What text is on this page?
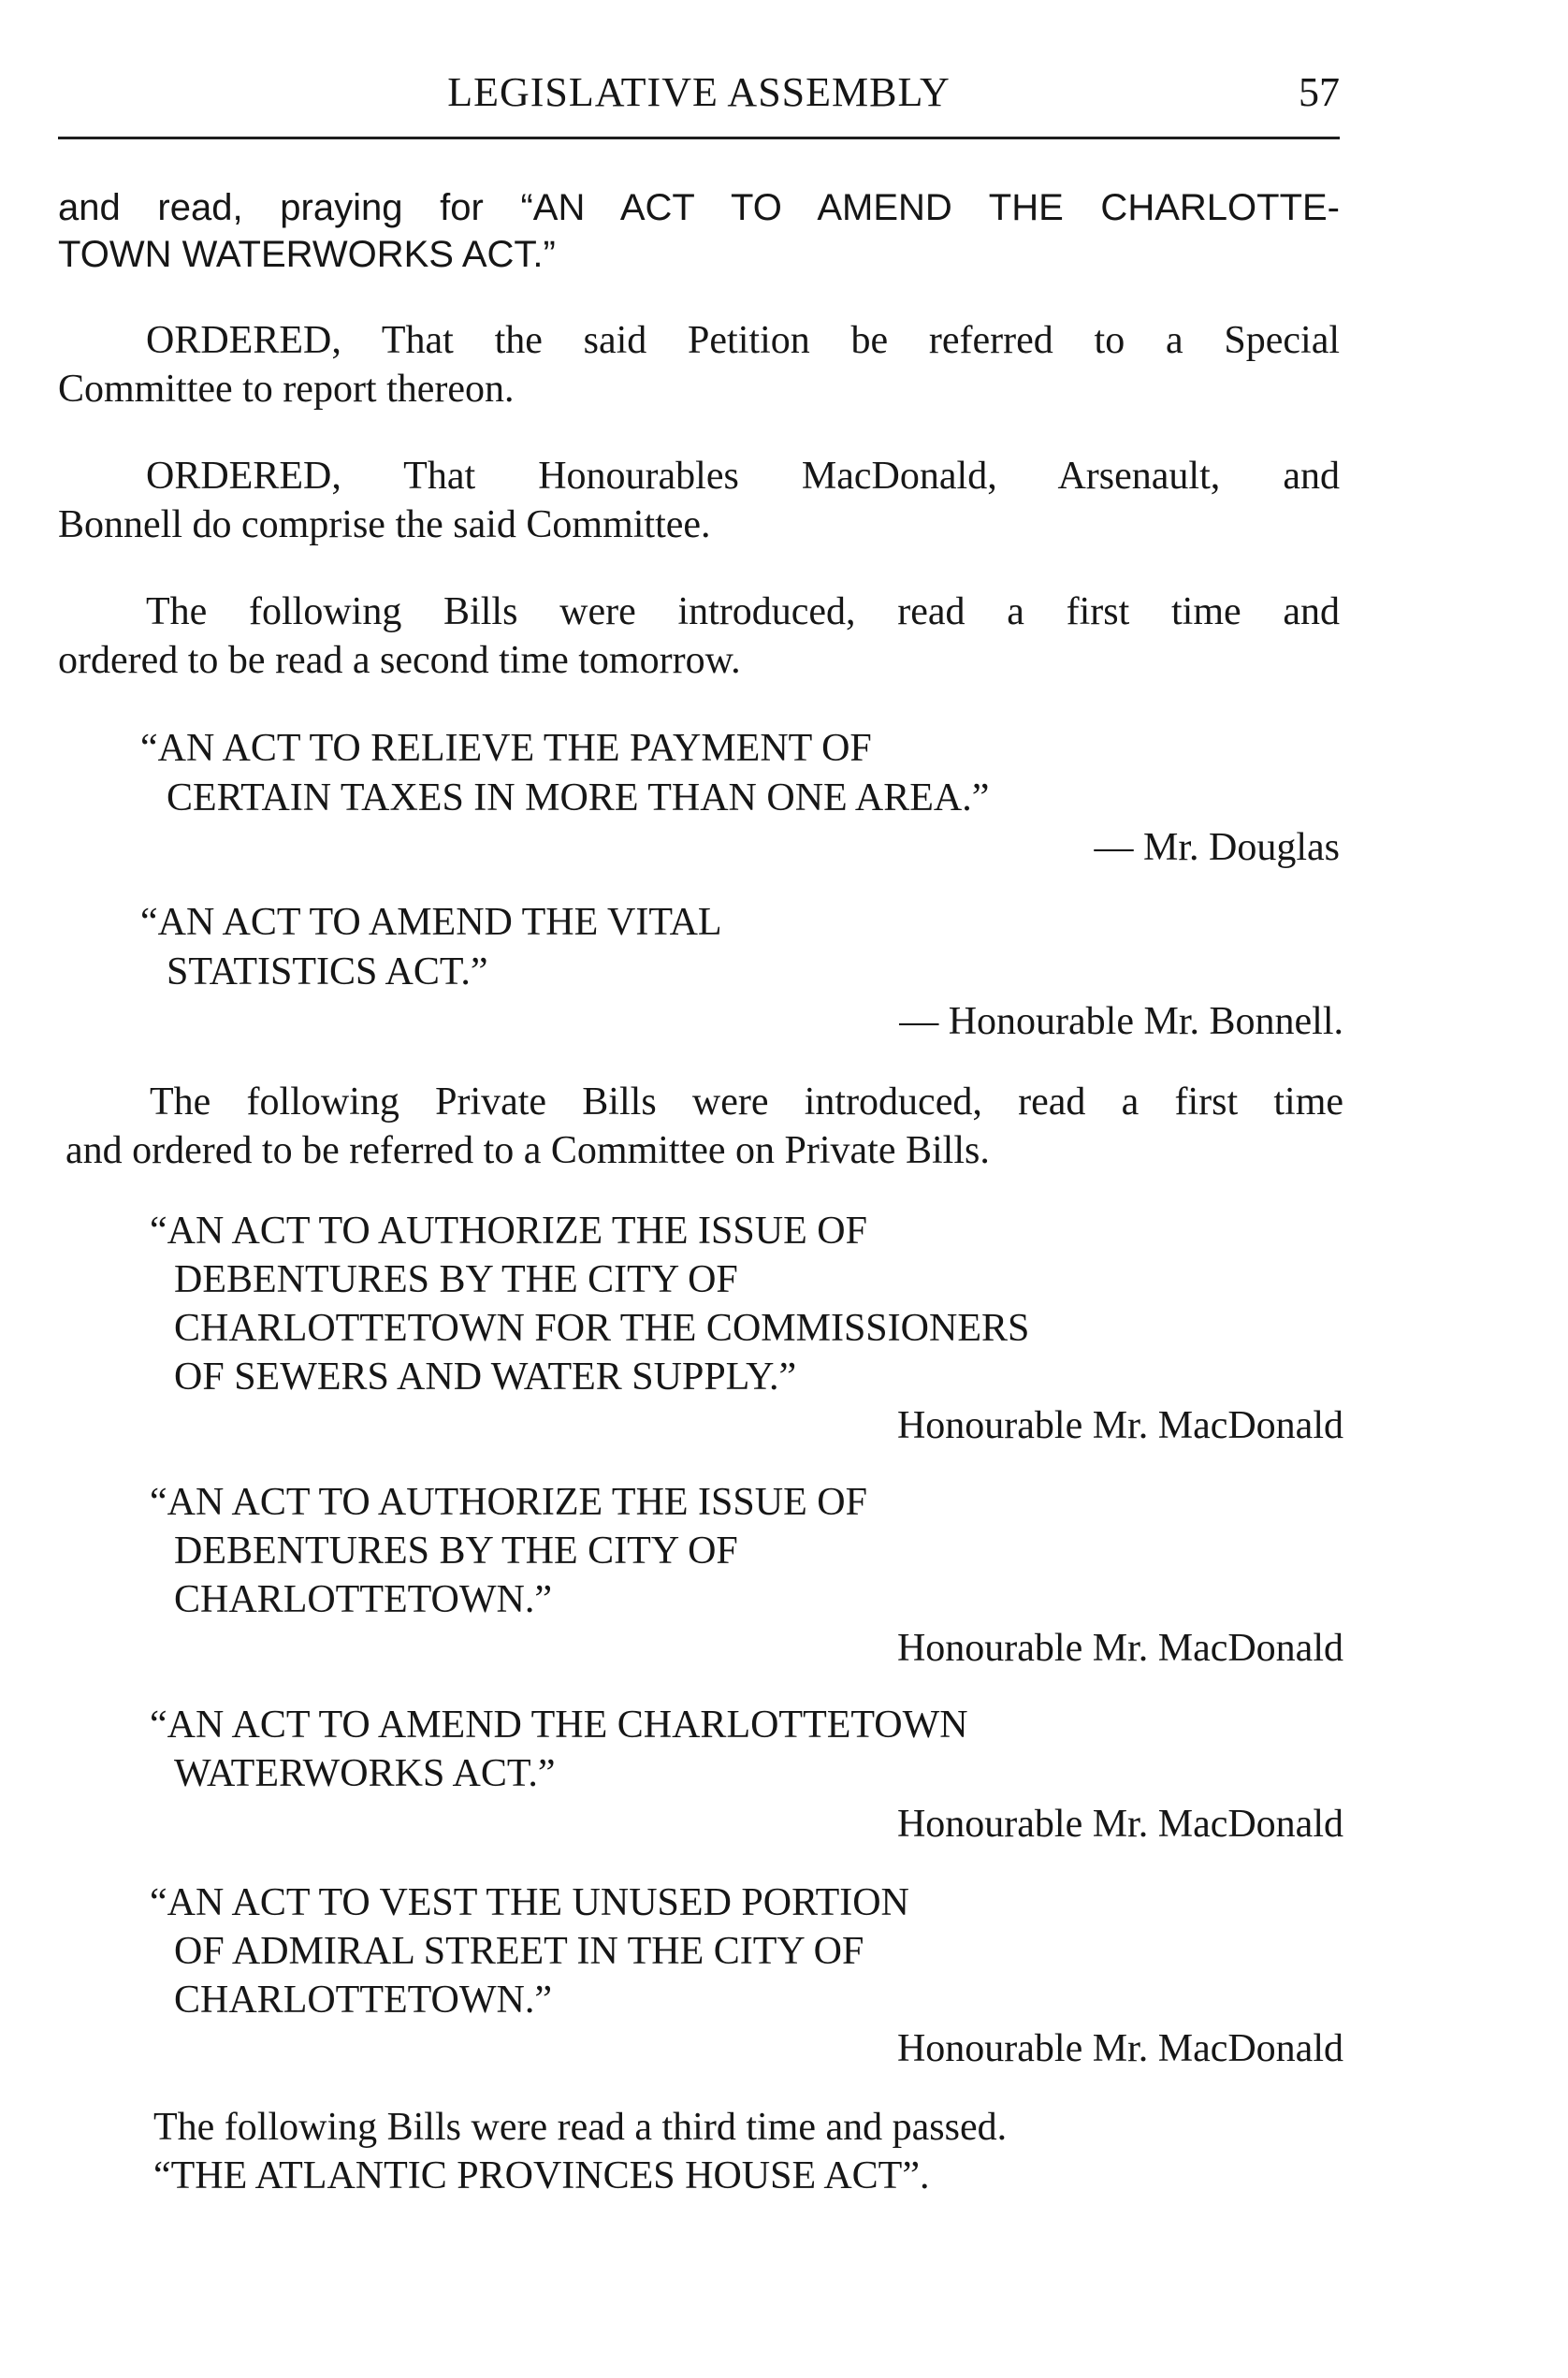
LEGISLATIVE ASSEMBLY	57
and read, praying for “AN ACT TO AMEND THE CHARLOTTE-
TOWN WATERWORKS ACT.”
ORDERED, That the said Petition be referred to a Special
Committee to report thereon.
ORDERED, That Honourables MacDonald, Arsenault, and
Bonnell do comprise the said Committee.
The following Bills were introduced, read a first time and
ordered to be read a second time tomorrow.
“AN ACT TO RELIEVE THE PAYMENT OF
CERTAIN TAXES IN MORE THAN ONE AREA.”
— Mr. Douglas
“AN ACT TO AMEND THE VITAL
STATISTICS ACT.”
— Honourable Mr. Bonnell.
The following Private Bills were introduced, read a first time
and ordered to be referred to a Committee on Private Bills.
“AN ACT TO AUTHORIZE THE ISSUE OF
DEBENTURES BY THE CITY OF
CHARLOTTETOWN FOR THE COMMISSIONERS
OF SEWERS AND WATER SUPPLY.”
Honourable Mr. MacDonald
“AN ACT TO AUTHORIZE THE ISSUE OF
DEBENTURES BY THE CITY OF
CHARLOTTETOWN.”
Honourable Mr. MacDonald
“AN ACT TO AMEND THE CHARLOTTETOWN
WATERWORKS ACT.”
Honourable Mr. MacDonald
“AN ACT TO VEST THE UNUSED PORTION
OF ADMIRAL STREET IN THE CITY OF
CHARLOTTETOWN.”
Honourable Mr. MacDonald
The following Bills were read a third time and passed.
“THE ATLANTIC PROVINCES HOUSE ACT”.
